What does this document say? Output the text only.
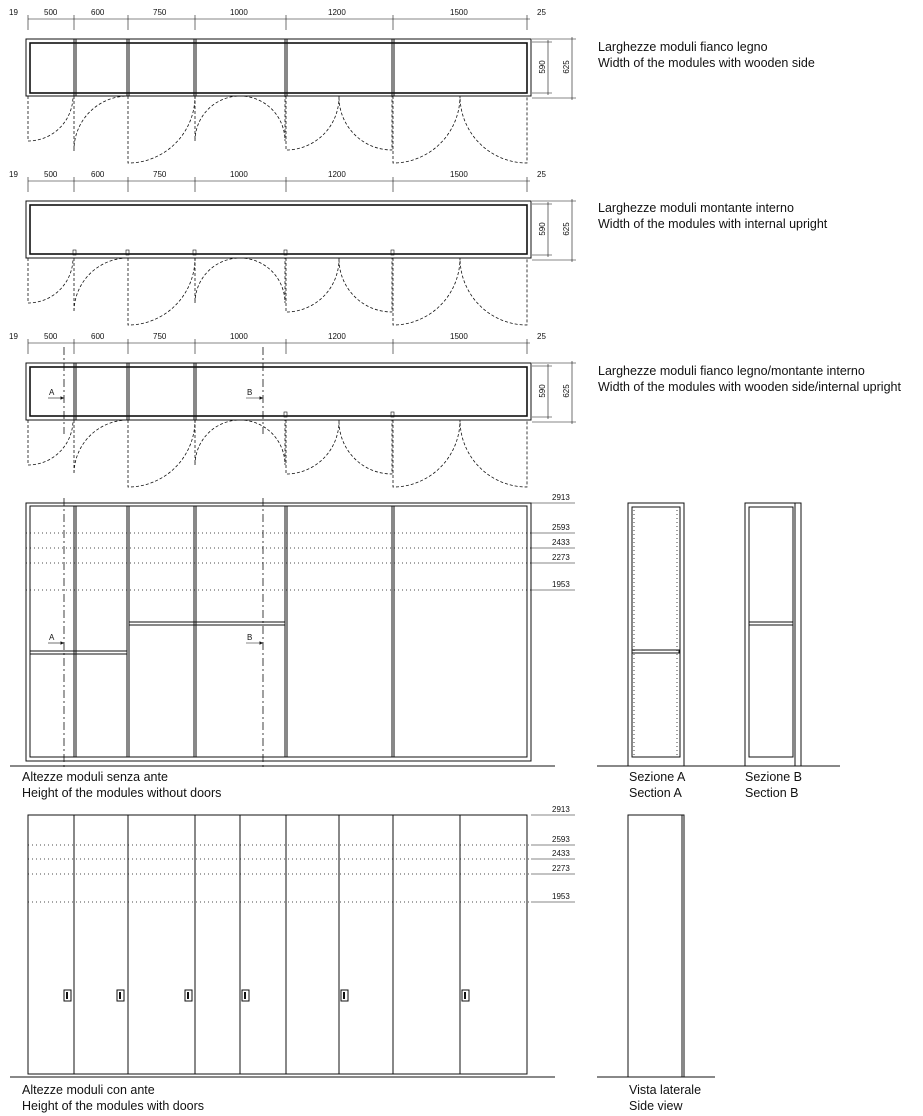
19	500	600	750	1000	1200	1500	25
590 625
Larghezze moduli fianco legno
Width of the modules with wooden side
19	500	600	750	1000	1200	1500	25
590 625
Larghezze moduli montante interno
Width of the modules with internal upright
19	500	600	750	1000	1200	1500	25
A	B	590 625
Larghezze moduli fianco legno/montante interno
Width of the modules with wooden side/internal upright
2913
2593
2433
2273
1953
A	B
Altezze moduli senza ante
Height of the modules without doors
Sezione A
Section A
Sezione B
Section B
2913
2593
2433
2273
1953
Altezze moduli con ante
Height of the modules with doors
Vista laterale
Side view
